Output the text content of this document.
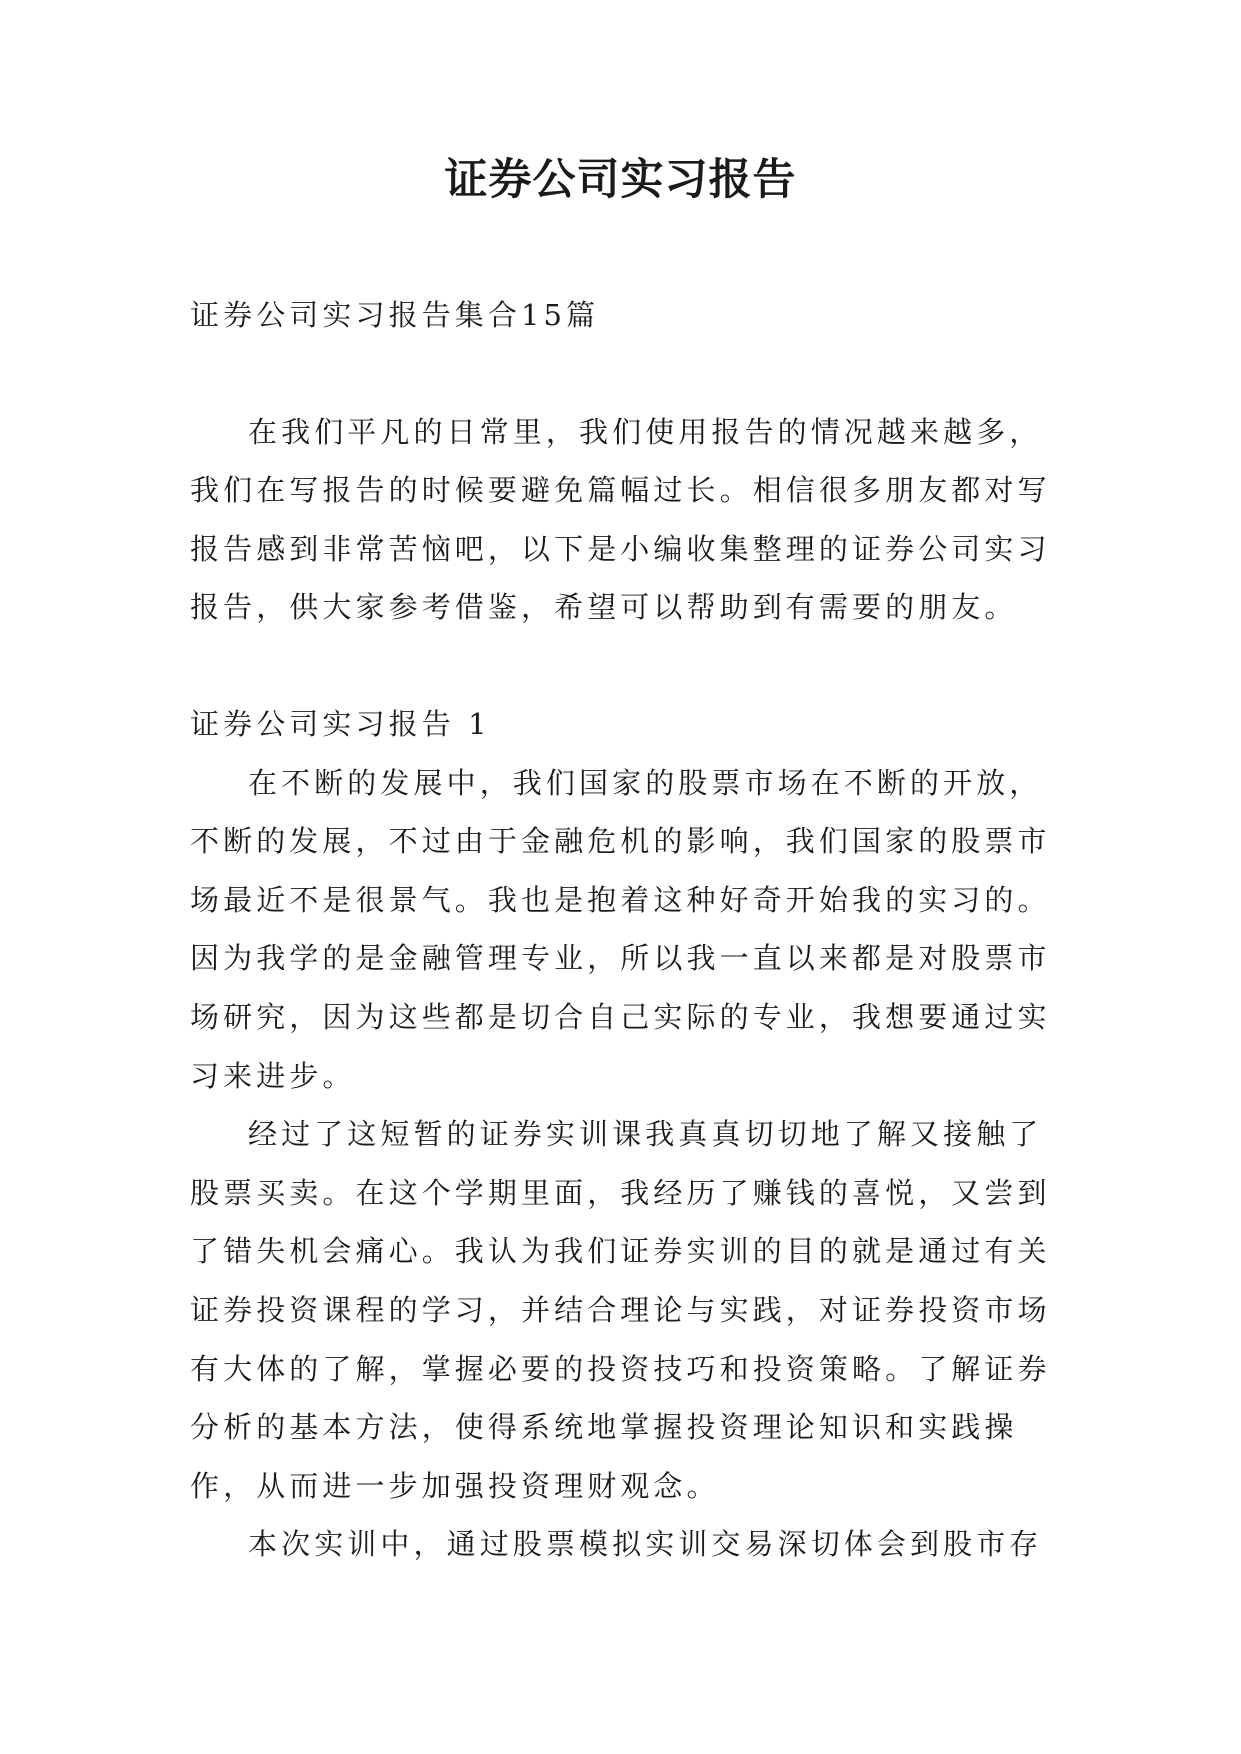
证券公司实习报告

证券公司实习报告集合15篇

在我们平凡的日常里，我们使用报告的情况越来越多，我们在写报告的时候要避免篇幅过长。相信很多朋友都对写报告感到非常苦恼吧，以下是小编收集整理的证券公司实习报告，供大家参考借鉴，希望可以帮助到有需要的朋友。

证券公司实习报告 1

在不断的发展中，我们国家的股票市场在不断的开放，不断的发展，不过由于金融危机的影响，我们国家的股票市场最近不是很景气。我也是抱着这种好奇开始我的实习的。因为我学的是金融管理专业，所以我一直以来都是对股票市场研究，因为这些都是切合自己实际的专业，我想要通过实习来进步。

经过了这短暂的证券实训课我真真切切地了解又接触了股票买卖。在这个学期里面，我经历了赚钱的喜悦，又尝到了错失机会痛心。我认为我们证券实训的目的就是通过有关证券投资课程的学习，并结合理论与实践，对证券投资市场有大体的了解，掌握必要的投资技巧和投资策略。了解证券分析的基本方法，使得系统地掌握投资理论知识和实践操作，从而进一步加强投资理财观念。

本次实训中，通过股票模拟实训交易深切体会到股市存
